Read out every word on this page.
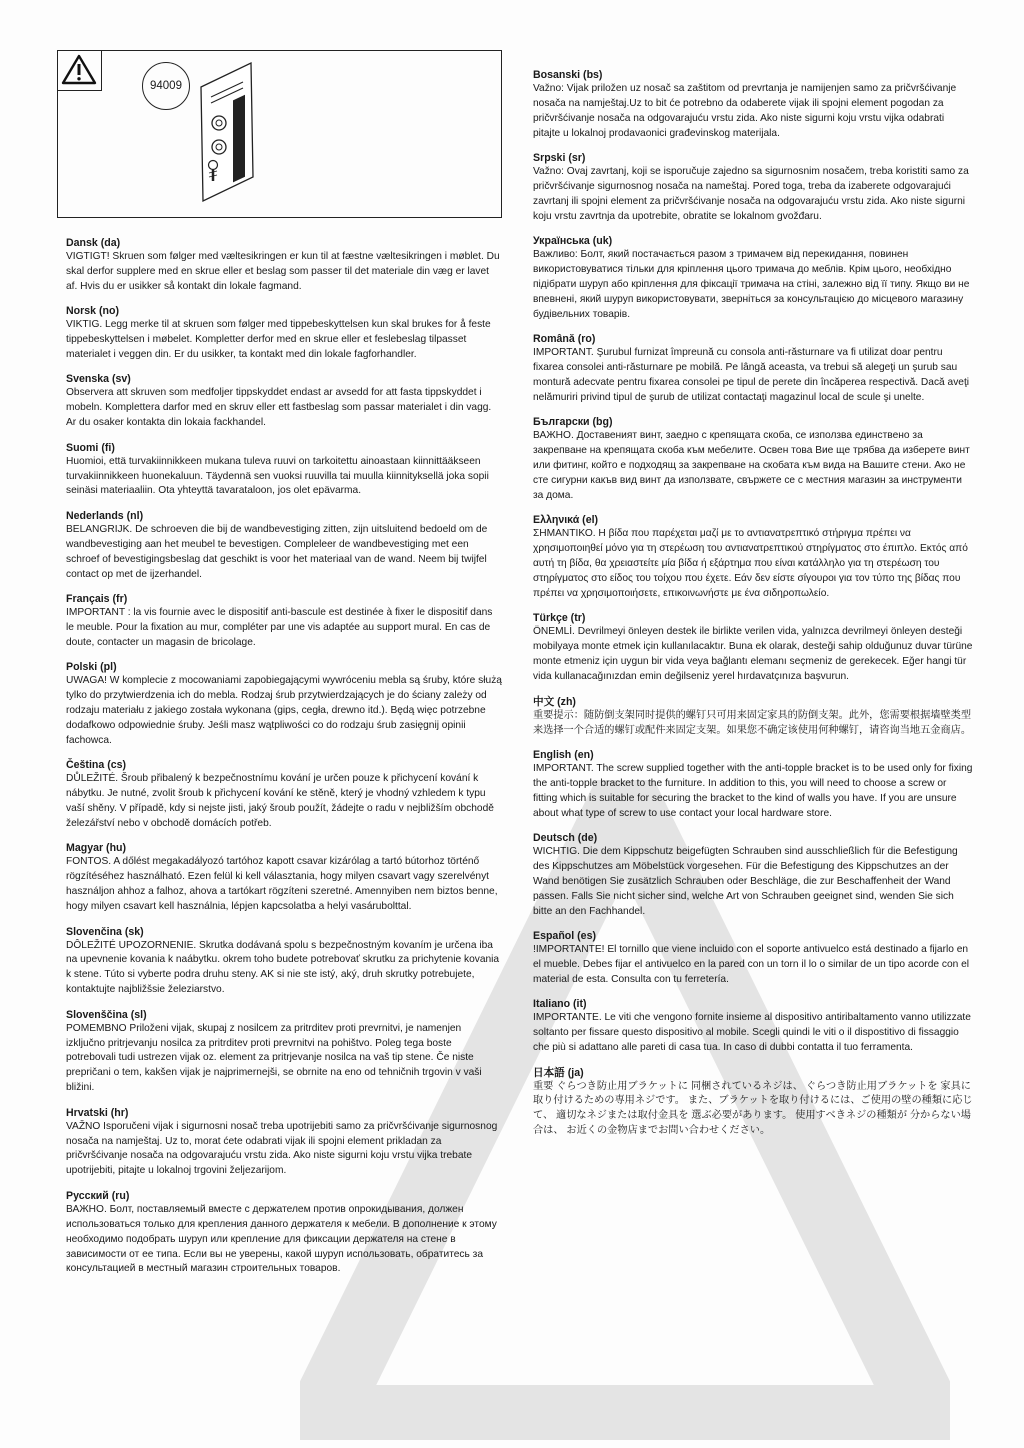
94009
Dansk (da)

VIGTIGT! Skruen som følger med væltesikringen er kun til at fæstne væltesikringen i møblet. Du skal derfor supplere med en skrue eller et beslag som passer til det materiale din væg er lavet af. Hvis du er usikker så kontakt din lokale fagmand.

Norsk (no)

VIKTIG. Legg merke til at skruen som følger med tippebeskyttelsen kun skal brukes for å feste tippebeskyttelsen i møbelet. Kompletter derfor med en skrue eller et feslebeslag tilpasset materialet i veggen din. Er du usikker, ta kontakt med din lokale fagforhandler.

Svenska (sv)

Observera att skruven som medfoljer tippskyddet endast ar avsedd for att fasta tippskyddet i mobeln. Komplettera darfor med en skruv eller ett fastbeslag som passar materialet i din vagg. Ar du osaker kontakta din lokaia fackhandel.

Suomi (fi)

Huomioi, että turvakiinnikkeen mukana tuleva ruuvi on tarkoitettu ainoastaan kiinnittääkseen turvakiinnikkeen huonekaluun. Täydennä sen vuoksi ruuvilla tai muulla kiinnityksellä joka sopii seinäsi materiaaliin. Ota yhteyttä tavarataloon, jos olet epävarma.

Nederlands (nl)

BELANGRIJK. De schroeven die bij de wandbevestiging zitten, zijn uitsluitend bedoeld om de wandbevestiging aan het meubel te bevestigen. Compleleer de wandbevestiging met een schroef of bevestigingsbeslag dat geschikt is voor het materiaal van de wand. Neem bij twijfel contact op met de ijzerhandel.

Français (fr)

IMPORTANT : la vis fournie avec le dispositif anti-bascule est destinée à fixer le dispositif dans le meuble. Pour la fixation au mur, compléter par une vis adaptée au support mural. En cas de doute, contacter un magasin de bricolage.

Polski (pl)

UWAGA! W komplecie z mocowaniami zapobiegającymi wywróceniu mebla są śruby, które służą tylko do przytwierdzenia ich do mebla. Rodzaj śrub przytwierdzających je do ściany zależy od rodzaju materiału z jakiego została wykonana (gips, cegła, drewno itd.). Będą więc potrzebne dodafkowo odpowiednie śruby. Jeśli masz wątpliwości co do rodzaju śrub zasięgnij opinii fachowca.

Čeština (cs)

DŮLEŽITÉ. Šroub přibalený k bezpečnostnímu kování je určen pouze k přichycení kování k nábytku. Je nutné, zvolit šroub k přichycení kování ke stěně, který je vhodný vzhledem k typu vaší shěny. V případě, kdy si nejste jisti, jaký šroub použít, žádejte o radu v nejbližším obchodě železářství nebo v obchodě domácích potřeb.

Magyar (hu)

FONTOS. A dőlést megakadályozó tartóhoz kapott csavar kizárólag a tartó bútorhoz történő rögzítéséhez használható. Ezen felül ki kell választania, hogy milyen csavart vagy szerelvényt használjon ahhoz a falhoz, ahova a tartókart rögzíteni szeretné. Amennyiben nem biztos benne, hogy milyen csavart kell használnia, lépjen kapcsolatba a helyi vasárubolttal.

Slovenčina (sk)

DÔLEŽITÉ UPOZORNENIE. Skrutka dodávaná spolu s bezpečnostným kovaním je určena iba na upevnenie kovania k naábytku. okrem toho budete potrebovať skrutku za prichytenie kovania k stene. Túto si vyberte podra druhu steny. AK si nie ste istý, aký, druh skrutky potrebujete, kontaktujte najbližšsie železiarstvo.

Slovenščina (sl)

POMEMBNO Priloženi vijak, skupaj z nosilcem za pritrditev proti prevrnitvi, je namenjen izključno pritrjevanju nosilca za pritrditev proti prevrnitvi na pohištvo. Poleg tega boste potrebovali tudi ustrezen vijak oz. element za pritrjevanje nosilca na vaš tip stene. Če niste prepričani o tem, kakšen vijak je najprimernejši, se obrnite na eno od tehničnih trgovin v vaši bližini.

Hrvatski (hr)

VAŽNO Isporučeni vijak i sigurnosni nosač treba upotrijebiti samo za pričvršćivanje sigurnosnog nosača na namještaj. Uz to, morat ćete odabrati vijak ili spojni element prikladan za pričvršćivanje nosača na odgovarajuću vrstu zida. Ako niste sigurni koju vrstu vijka trebate upotrijebiti, pitajte u lokalnoj trgovini željezarijom.

Русский (ru)

ВАЖНО. Болт, поставляемый вместе с держателем против опрокидывания, должен использоваться только для крепления данного держателя к мебели. В дополнение к этому необходимо подобрать шуруп или крепление для фиксации держателя на стене в зависимости от ее типа. Если вы не уверены, какой шуруп использовать, обратитесь за консультацией в местный магазин строительных товаров.

Bosanski (bs)

Važno: Vijak priložen uz nosač sa zaštitom od prevrtanja je namijenjen samo za pričvršćivanje nosača na namještaj.Uz to bit će potrebno da odaberete vijak ili spojni element pogodan za pričvršćivanje nosača na odgovarajuću vrstu zida. Ako niste sigurni koju vrstu vijka odabrati pitajte u lokalnoj prodavaonici građevinskog materijala.

Srpski (sr)

Važno: Ovaj zavrtanj, koji se isporučuje zajedno sa sigurnosnim nosačem, treba koristiti samo za pričvršćivanje sigurnosnog nosača na nameštaj. Pored toga, treba da izaberete odgovarajući zavrtanj ili spojni element za pričvršćivanje nosača na odgovarajuću vrstu zida. Ako niste sigurni koju vrstu zavrtnja da upotrebite, obratite se lokalnom gvožđaru.

Українська (uk)

Важливо: Болт, який постачається разом з тримачем від перекидання, повинен використовуватися тільки для кріплення цього тримача до меблів. Крім цього, необхідно підібрати шуруп або кріплення для фіксації тримача на стіні, залежно від її типу. Якщо ви не впевнені, який шуруп використовувати, зверніться за консультацією до місцевого магазину будівельних товарів.

Română (ro)

IMPORTANT. Şurubul furnizat împreună cu consola anti-răsturnare va fi utilizat doar pentru fixarea consolei anti-răsturnare pe mobilă. Pe lângă aceasta, va trebui să alegeţi un şurub sau montură adecvate pentru fixarea consolei pe tipul de perete din încăperea respectivă. Dacă aveţi nelămuriri privind tipul de şurub de utilizat contactaţi magazinul local de scule şi unelte.

Български (bg)

ВАЖНО. Доставеният винт, заедно с крепящата скоба, се използва единствено за закрепване на крепящата скоба към мебелите. Освен това Вие ще трябва да изберете винт или фитинг, който е подходящ за закрепване на скобата към вида на Вашите стени. Ако не сте сигурни какъв вид винт да използвате, свържете се с местния магазин за инструменти за дома.

Ελληνικά (el)

ΣΗΜΑΝΤΙΚΟ. Η βίδα που παρέχεται μαζί με το αντιανατρεπτικό στήριγμα πρέπει να χρησιμοποιηθεί μόνο για τη στερέωση του αντιανατρεπτικού στηρίγματος στο έπιπλο. Εκτός από αυτή τη βίδα, θα χρειαστείτε μία βίδα ή εξάρτημα που είναι κατάλληλο για τη στερέωση του στηρίγματος στο είδος του τοίχου που έχετε. Εάν δεν είστε σίγουροι για τον τύπο της βίδας που πρέπει να χρησιμοποιήσετε, επικοινωνήστε με ένα σιδηροπωλείο.

Türkçe (tr)

ÖNEMLİ. Devrilmeyi önleyen destek ile birlikte verilen vida, yalnızca devrilmeyi önleyen desteği mobilyaya monte etmek için kullanılacaktır. Buna ek olarak, desteği sahip olduğunuz duvar türüne monte etmeniz için uygun bir vida veya bağlantı elemanı seçmeniz de gerekecek. Eğer hangi tür vida kullanacağınızdan emin değilseniz yerel hırdavatçınıza başvurun.

中文 (zh)

重要提示：随防倒支架同时提供的螺钉只可用来固定家具的防倒支架。此外，您需要根据墙壁类型来选择一个合适的螺钉或配件来固定支架。如果您不确定该使用何种螺钉，请咨询当地五金商店。

English (en)

IMPORTANT. The screw supplied together with the anti-topple bracket is to be used only for fixing the anti-topple bracket to the furniture. In addition to this, you will need to choose a screw or fitting which is suitable for securing the bracket to the kind of walls you have. If you are unsure about what type of screw to use contact your local hardware store.

Deutsch (de)

WICHTIG. Die dem Kippschutz beigefügten Schrauben sind ausschließlich für die Befestigung des Kippschutzes am Möbelstück vorgesehen. Für die Befestigung des Kippschutzes an der Wand benötigen Sie zusätzlich Schrauben oder Beschläge, die zur Beschaffenheit der Wand passen. Falls Sie nicht sicher sind, welche Art von Schrauben geeignet sind, wenden Sie sich bitte an den Fachhandel.

Español (es)

!IMPORTANTE! El tornillo que viene incluido con el soporte antivuelco está destinado a fijarlo en el mueble. Debes fijar el antivuelco en la pared con un torn il lo o similar de un tipo acorde con el material de esta. Consulta con tu ferretería.

Italiano (it)

IMPORTANTE. Le viti che vengono fornite insieme al dispositivo antiribaltamento vanno utilizzate soltanto per fissare questo dispositivo al mobile. Scegli quindi le viti o il dispostitivo di fissaggio che più si adattano alle pareti di casa tua. In caso di dubbi contatta il tuo ferramenta.

日本語 (ja)

重要 ぐらつき防止用ブラケットに 同梱されているネジは、 ぐらつき防止用ブラケットを 家具に取り付けるための専用ネジです。 また、ブラケットを取り付けるには、ご使用の壁の種類に応じて、 適切なネジまたは取付金具を 選ぶ必要があります。 使用すべきネジの種類が 分からない場合は、 お近くの金物店までお問い合わせください。
